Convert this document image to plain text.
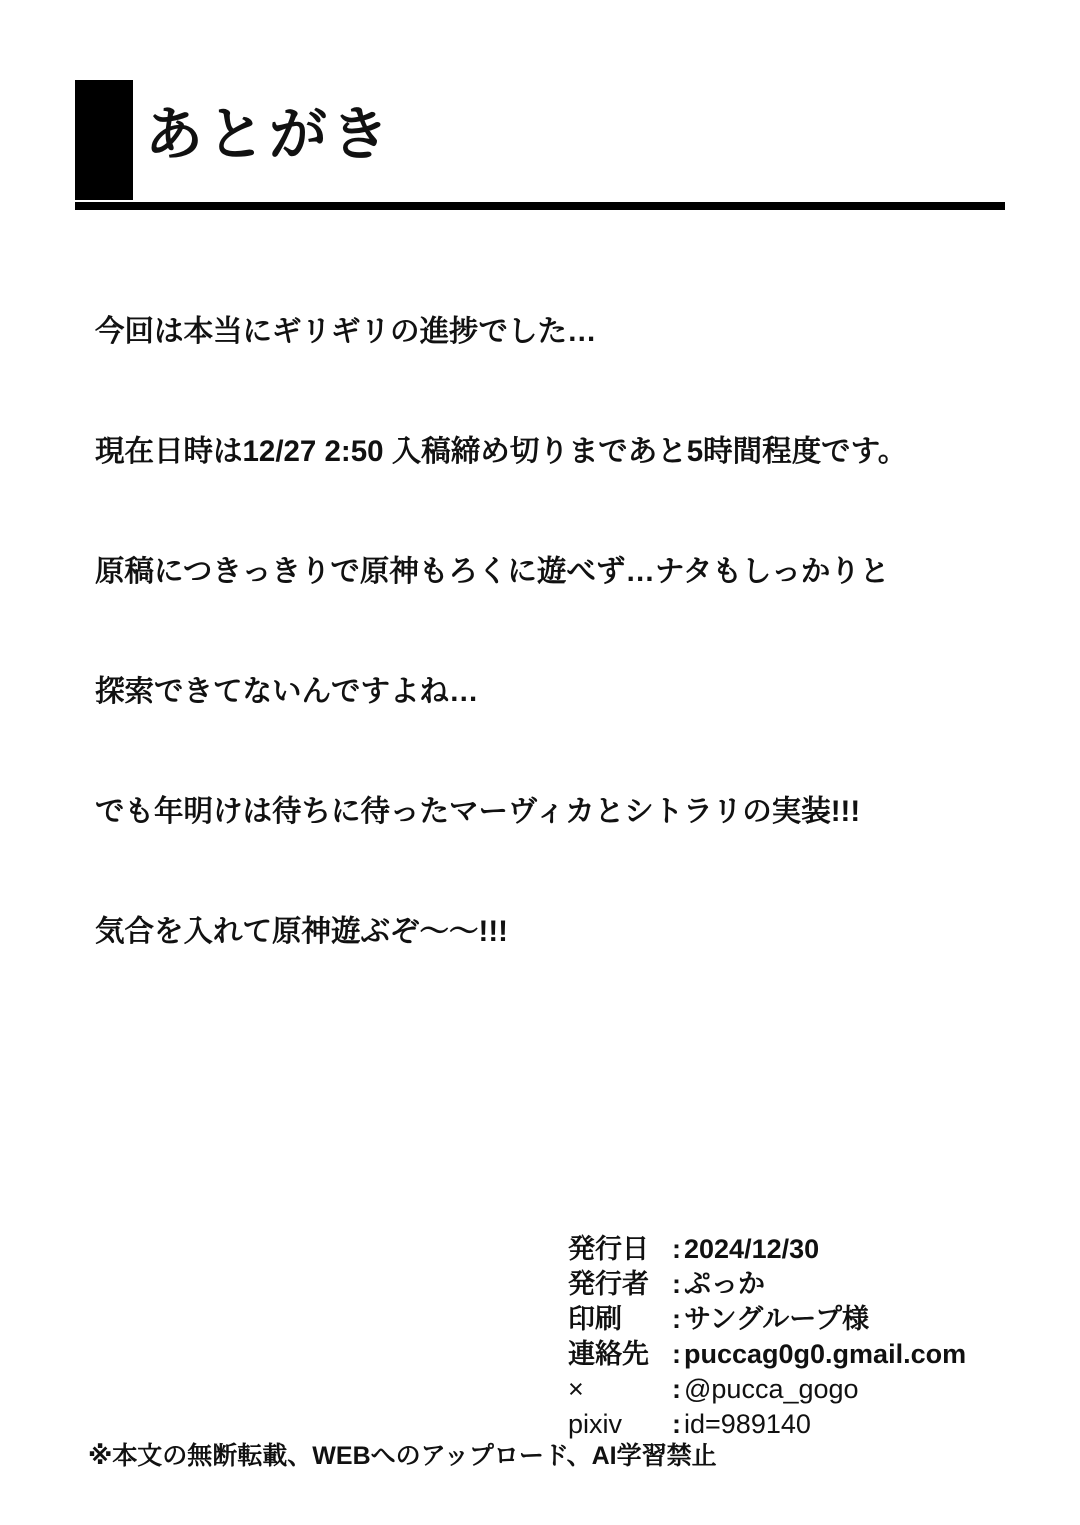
あとがき

今回は本当にギリギリの進捗でした…

現在日時は12/27 2:50 入稿締め切りまであと5時間程度です。

原稿につきっきりで原神もろくに遊べず…ナタもしっかりと

探索できてないんですよね…

でも年明けは待ちに待ったマーヴィカとシトラリの実装!!!

気合を入れて原神遊ぶぞ〜〜!!!

発行日 : 2024/12/30
発行者 : ぷっか
印刷	: サングループ様
連絡先 : puccag0g0.gmail.com
×	: @pucca_gogo
pixiv	: id=989140
※本文の無断転載、WEBへのアップロード、AI学習禁止
